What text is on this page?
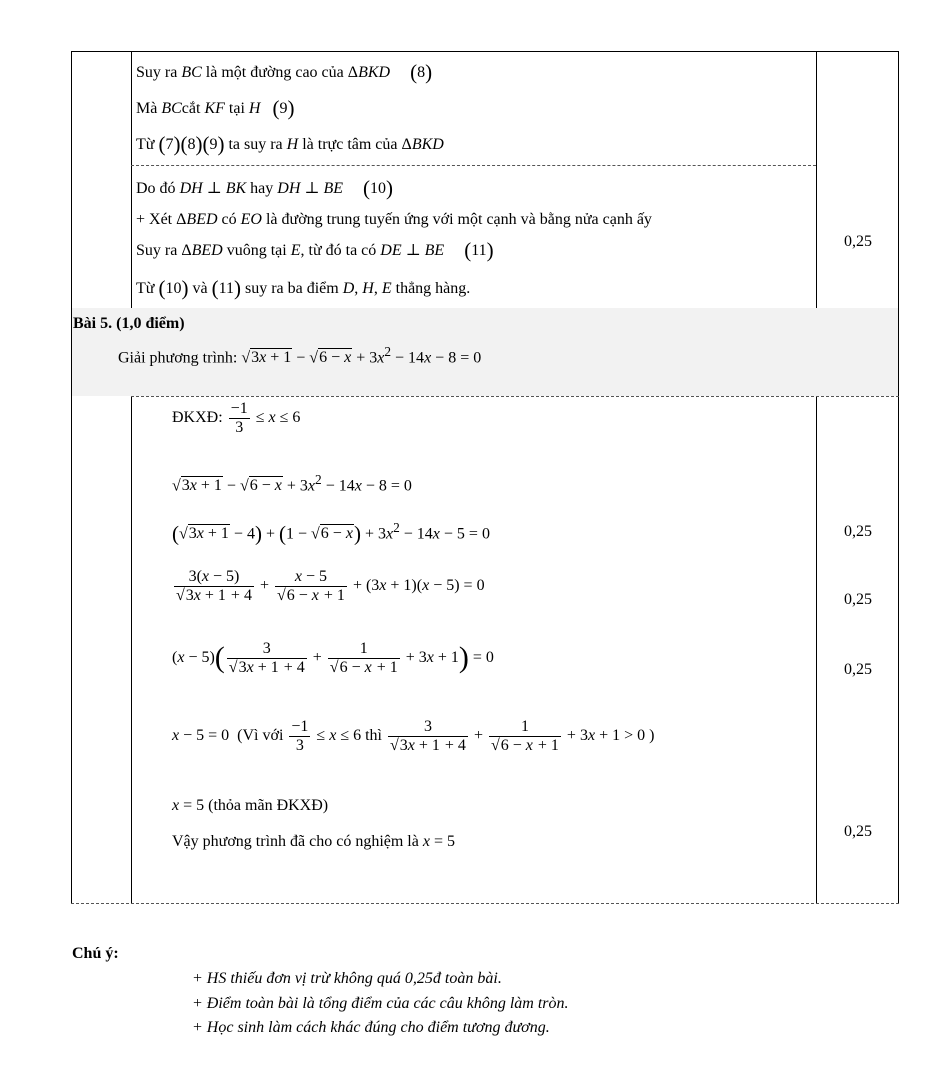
Suy ra BC là một đường cao của ΔBKD (8)
Mà BCcắt KF tại H (9)
Từ (7)(8)(9) ta suy ra H là trực tâm của ΔBKD
Do đó DH ⊥ BK hay DH ⊥ BE (10)
+ Xét ΔBED có EO là đường trung tuyến ứng với một cạnh và bằng nửa cạnh ấy
Suy ra ΔBED vuông tại E, từ đó ta có DE ⊥ BE (11)
Từ (10) và (11) suy ra ba điểm D, H, E thẳng hàng.
0,25
Bài 5. (1,0 điểm)
Giải phương trình: $√3x + 1 - √6 - x + 3x^2 - 14x - 8 = 0$
ĐKXĐ: $\frac{-1}{3} \le x \le 6$
$√3x + 1 - √6 - x + 3x^2 - 14x - 8 = 0$
$(√3x + 1 - 4) + (1 - √6 - x) + 3x^2 - 14x - 5 = 0$
$\frac{3(x - 5)}{√3x + 1 + 4} + \frac{x - 5}{√6 - x + 1} + (3x + 1)(x - 5) = 0$
$(x - 5)( \frac{3}{√3x + 1 + 4} + \frac{1}{√6 - x + 1} + 3x + 1) = 0$
x − 5 = 0  (Vì với $\frac{-1}{3} \le x \le 6$ thì $\frac{3}{√3x + 1 + 4} + \frac{1}{√6 - x + 1} + 3x + 1 > 0$ )
x = 5 (thỏa mãn ĐKXĐ)
Vậy phương trình đã cho có nghiệm là x = 5
0,25
0,25
0,25
0,25
Chú ý:
+ HS thiếu đơn vị trừ không quá 0,25đ toàn bài.
+ Điểm toàn bài là tổng điểm của các câu không làm tròn.
+ Học sinh làm cách khác đúng cho điểm tương đương.
